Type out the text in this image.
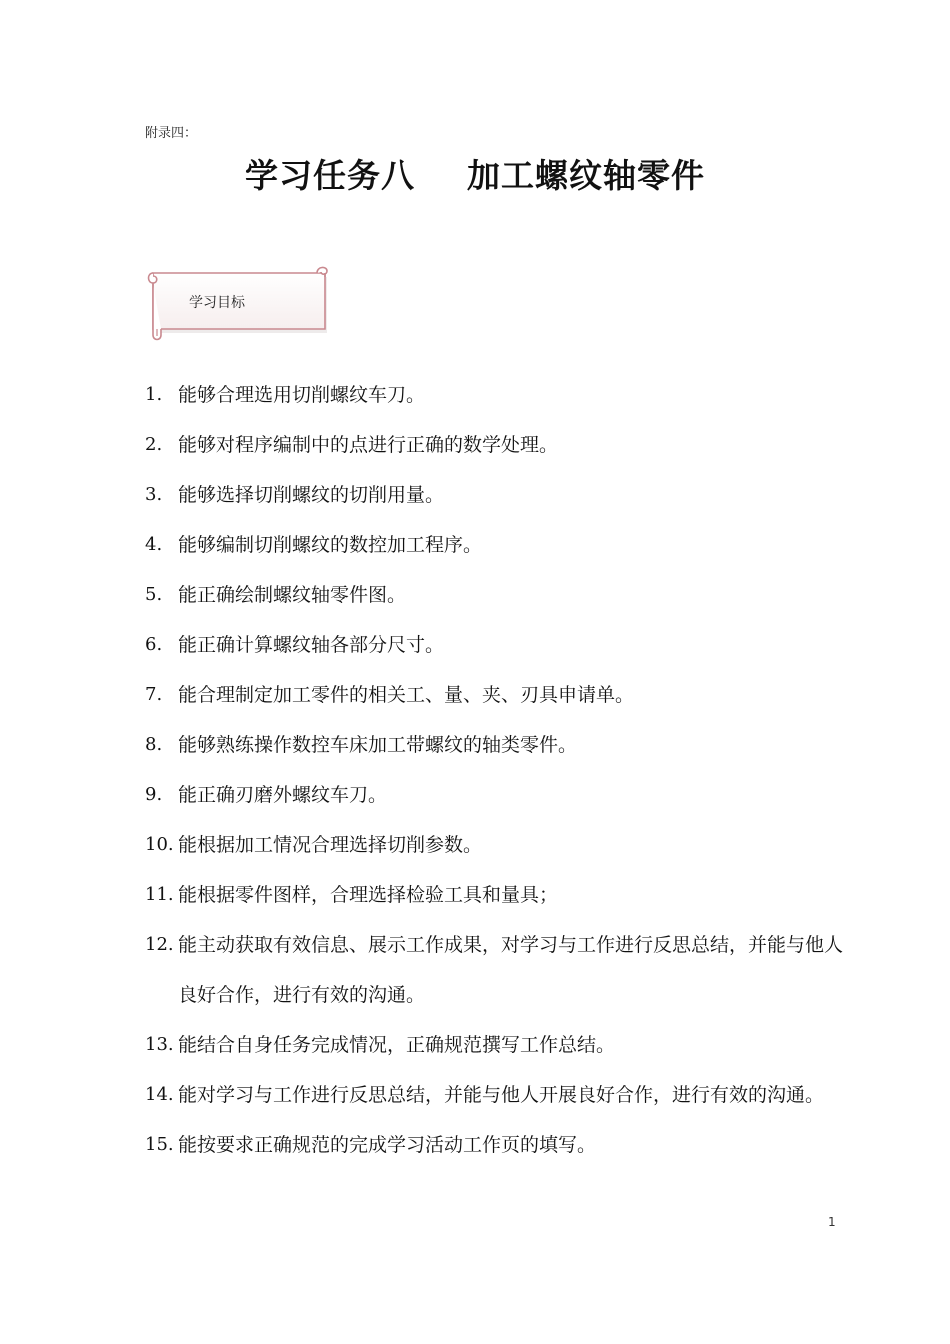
附录四：
学习任务八 加工螺纹轴零件
学习目标
1. 能够合理选用切削螺纹车刀。
2. 能够对程序编制中的点进行正确的数学处理。
3. 能够选择切削螺纹的切削用量。
4. 能够编制切削螺纹的数控加工程序。
5. 能正确绘制螺纹轴零件图。
6. 能正确计算螺纹轴各部分尺寸。
7. 能合理制定加工零件的相关工、量、夹、刃具申请单。
8. 能够熟练操作数控车床加工带螺纹的轴类零件。
9. 能正确刃磨外螺纹车刀。
10. 能根据加工情况合理选择切削参数。
11. 能根据零件图样，合理选择检验工具和量具；
12. 能主动获取有效信息、展示工作成果，对学习与工作进行反思总结，并能与他人良好合作，进行有效的沟通。
13. 能结合自身任务完成情况，正确规范撰写工作总结。
14. 能对学习与工作进行反思总结，并能与他人开展良好合作，进行有效的沟通。
15. 能按要求正确规范的完成学习活动工作页的填写。
1
